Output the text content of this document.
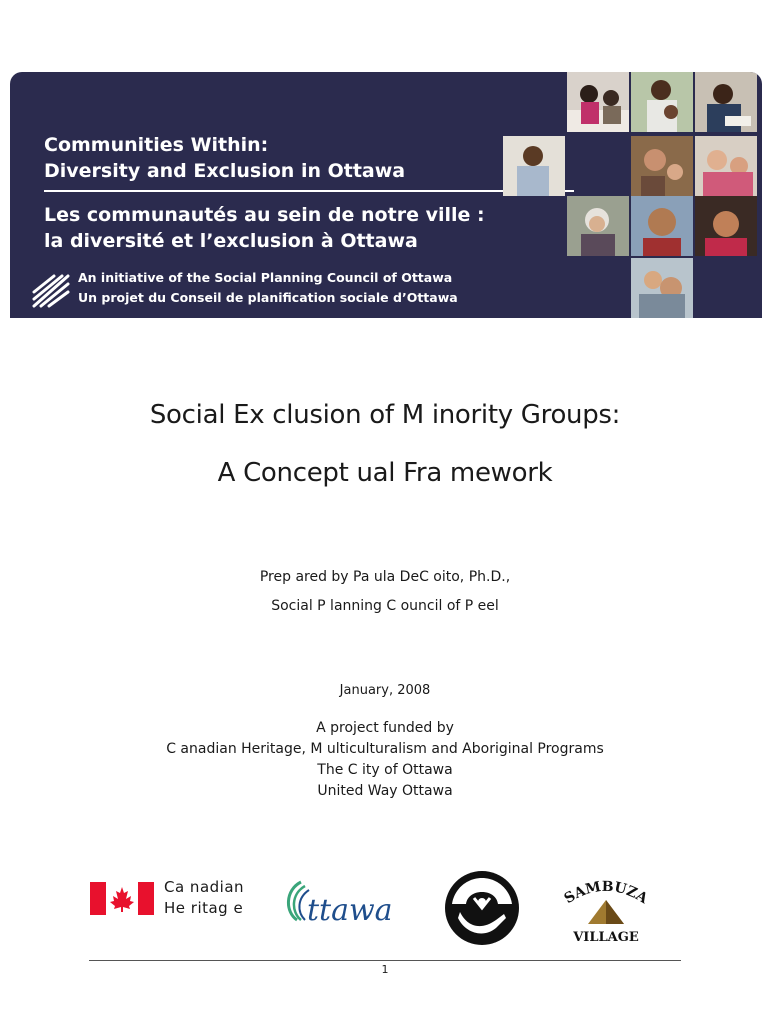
Communities Within:
Diversity and Exclusion in Ottawa
Les communautés au sein de notre ville :
la diversité et l’exclusion à Ottawa
An initiative of the Social Planning Council of Ottawa
Un projet du Conseil de planification sociale d’Ottawa
Social Ex clusion of M inority Groups:
A Concept ual Fra mework
Prep ared by Pa ula DeC oito, Ph.D.,
Social P lanning C ouncil of P eel
January, 2008
A project funded by
C anadian Heritage, M ulticulturalism and Aboriginal Programs
The C ity of Ottawa
United Way Ottawa
Ca nadian
He ritag e ttawa	SAMBUZA
VILLAGE
1
